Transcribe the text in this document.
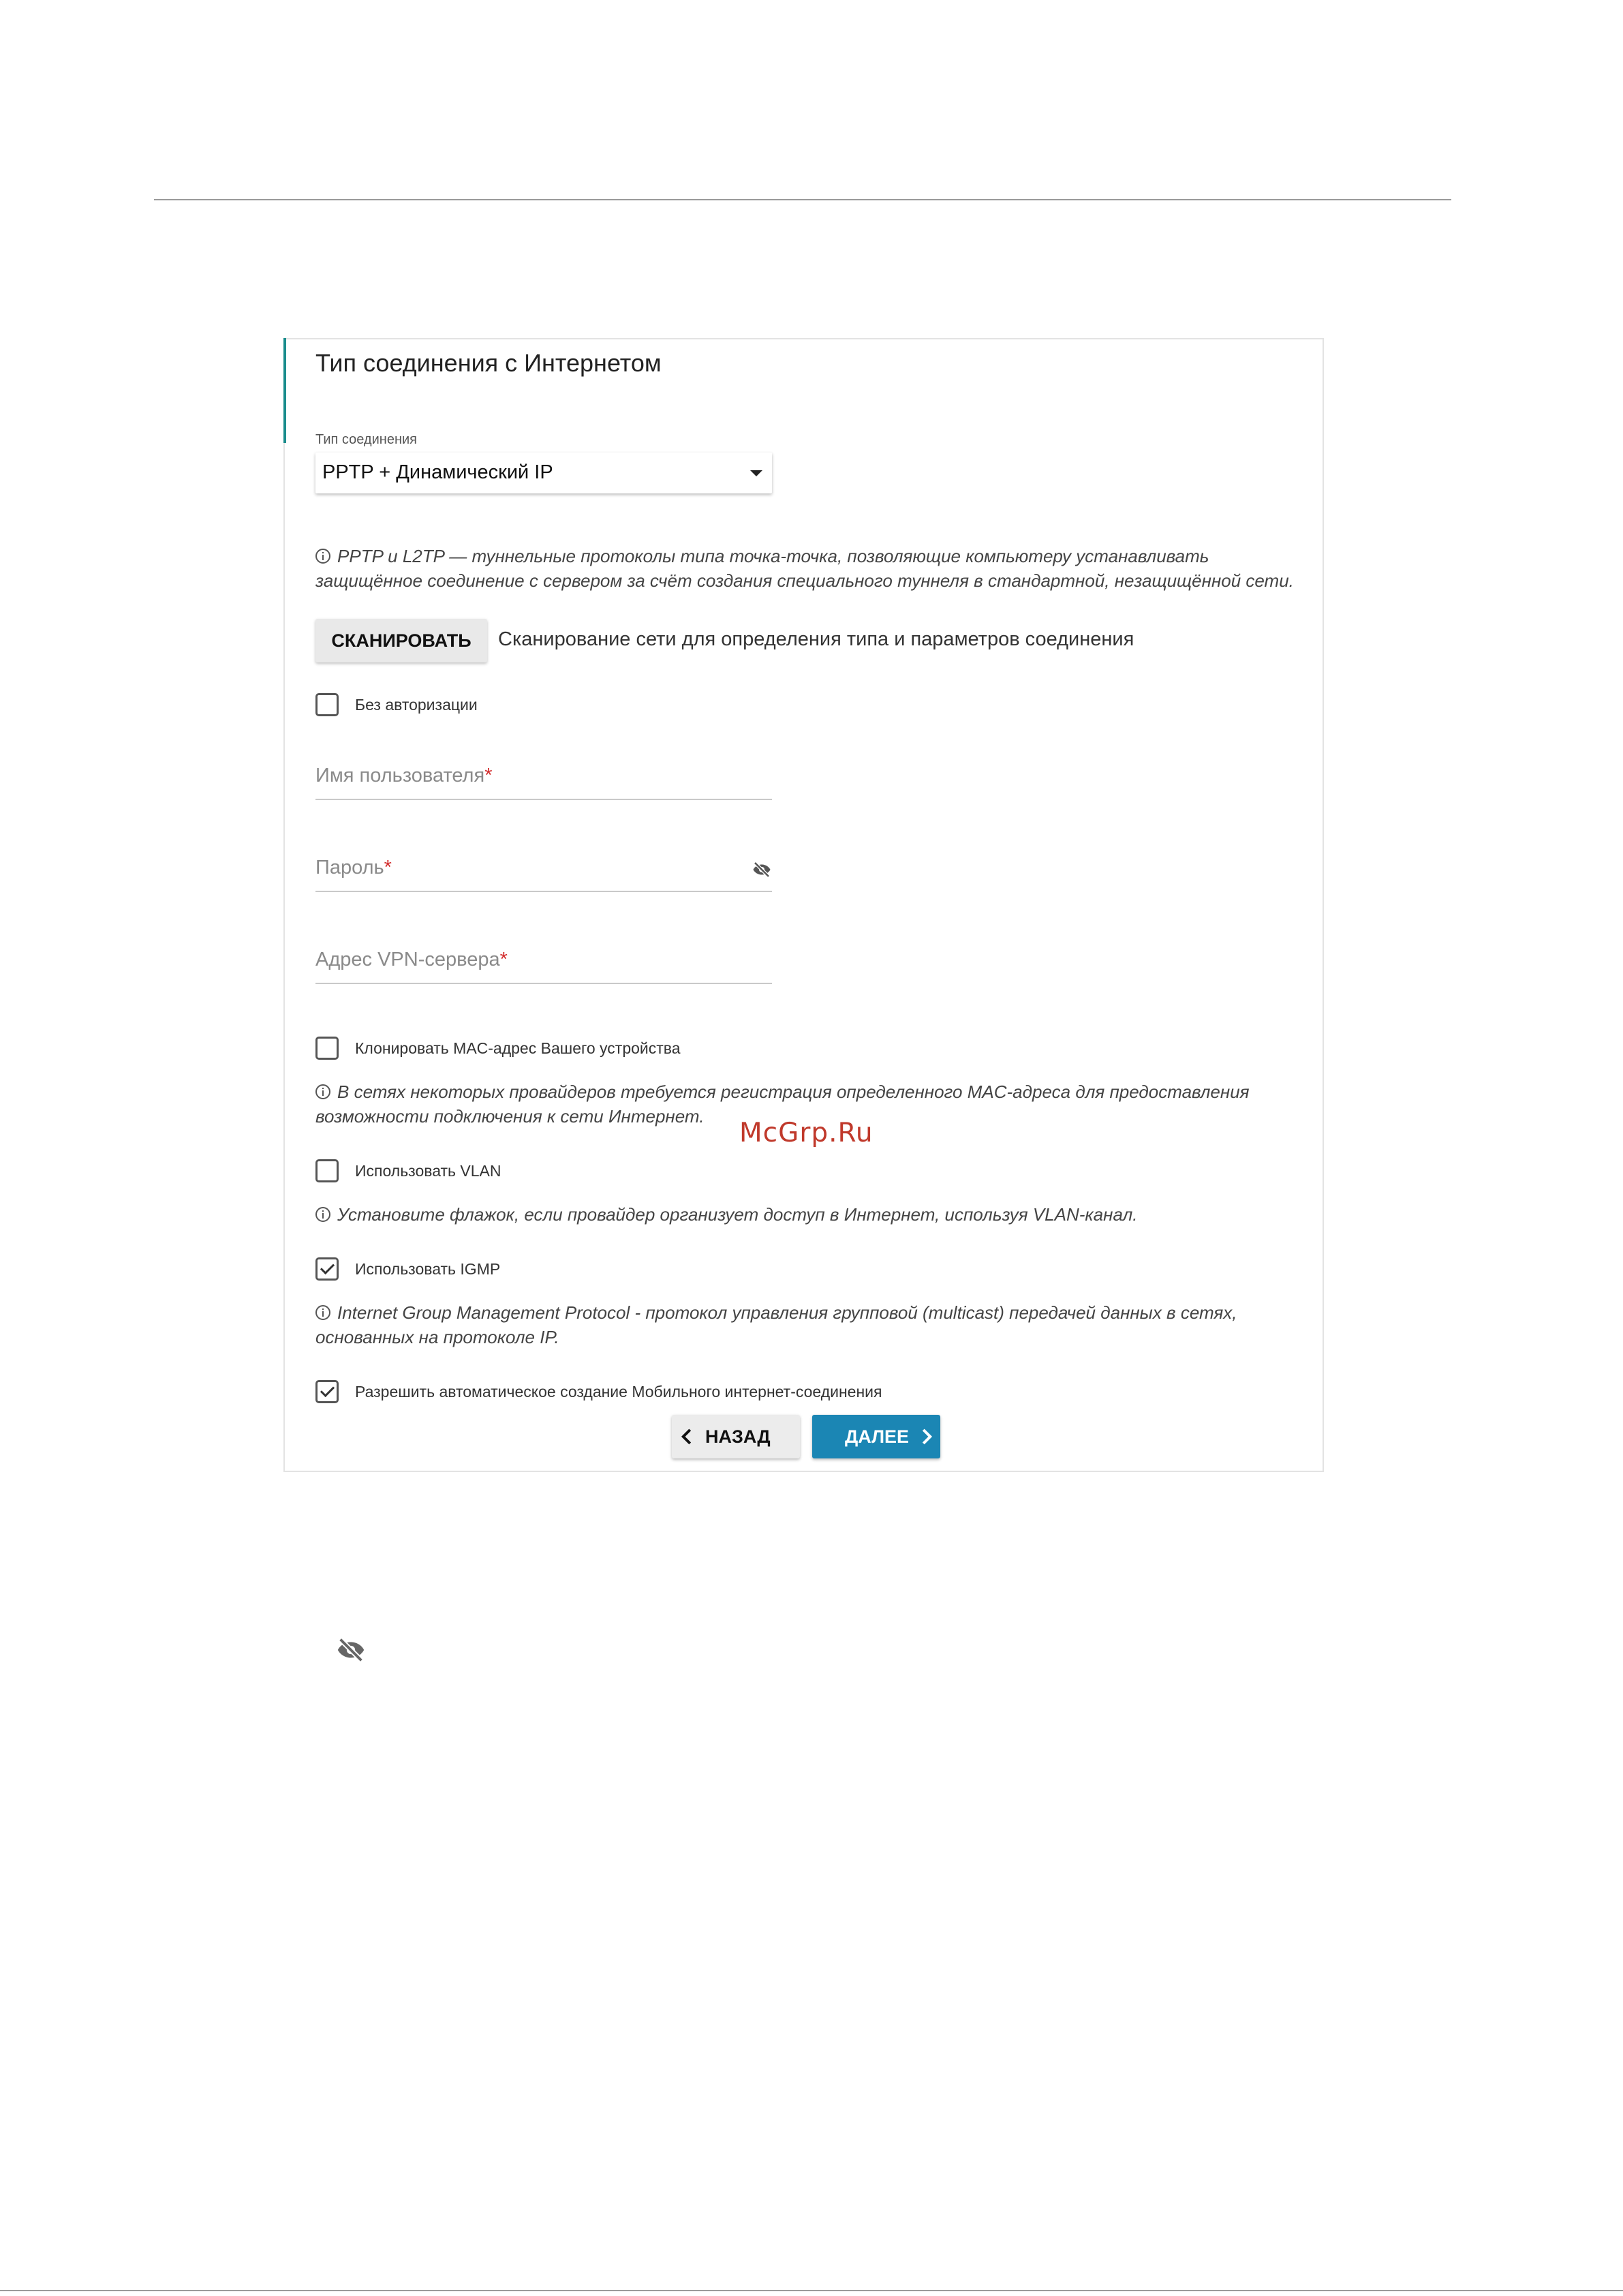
Тип соединения с Интернетом
Тип соединения
PPTP + Динамический IP
PPTP и L2TP — туннельные протоколы типа точка-точка, позволяющие компьютеру устанавливать
защищённое соединение с сервером за счёт создания специального туннеля в стандартной, незащищённой сети.
СКАНИРОВАТЬ	Сканирование сети для определения типа и параметров соединения
Без авторизации
Имя пользователя*
Пароль*
Адрес VPN-сервера*
Клонировать MAC-адрес Вашего устройства
В сетях некоторых провайдеров требуется регистрация определенного MAC-адреса для предоставления
возможности подключения к сети Интернет.
Использовать VLAN
Установите флажок, если провайдер организует доступ в Интернет, используя VLAN-канал.
Использовать IGMP
Internet Group Management Protocol - протокол управления групповой (multicast) передачей данных в сетях,
основанных на протоколе IP.
Разрешить автоматическое создание Мобильного интернет-соединения
НАЗАД	ДАЛЕЕ
McGrp.Ru
